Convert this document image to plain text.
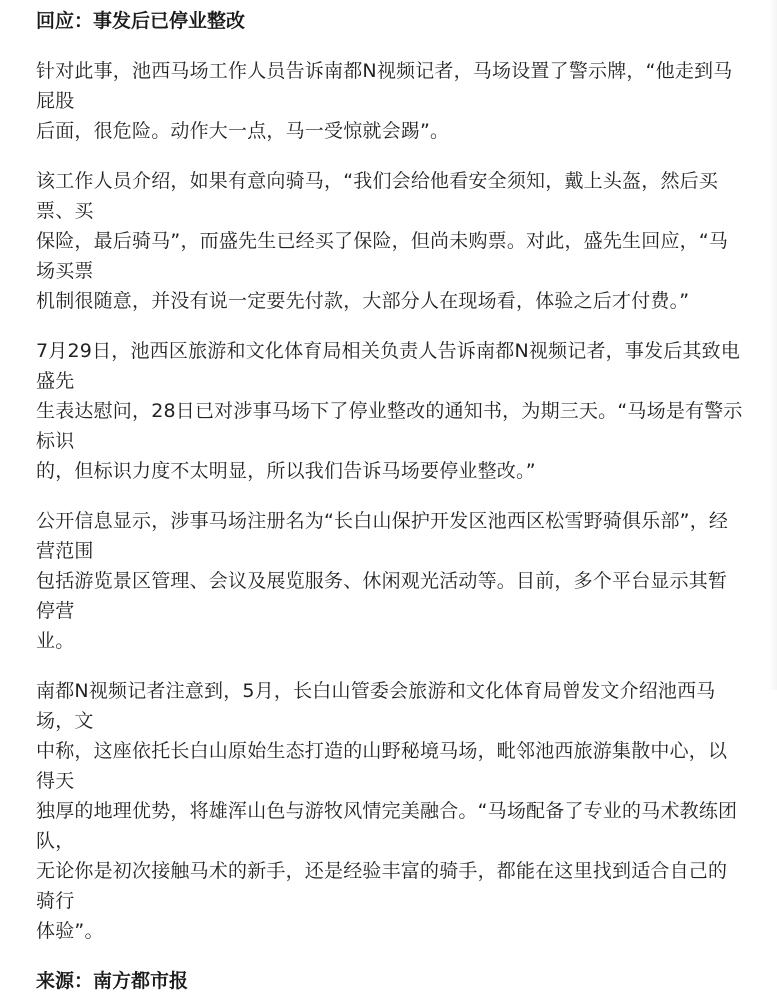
回应：事发后已停业整改

针对此事，池西马场工作人员告诉南都N视频记者，马场设置了警示牌，“他走到马屁股
后面，很危险。动作大一点，马一受惊就会踢”。

该工作人员介绍，如果有意向骑马，“我们会给他看安全须知，戴上头盔，然后买票、买
保险，最后骑马”，而盛先生已经买了保险，但尚未购票。对此，盛先生回应，“马场买票
机制很随意，并没有说一定要先付款，大部分人在现场看，体验之后才付费。”

7月29日，池西区旅游和文化体育局相关负责人告诉南都N视频记者，事发后其致电盛先
生表达慰问，28日已对涉事马场下了停业整改的通知书，为期三天。“马场是有警示标识
的，但标识力度不太明显，所以我们告诉马场要停业整改。”

公开信息显示，涉事马场注册名为“长白山保护开发区池西区松雪野骑俱乐部”，经营范围
包括游览景区管理、会议及展览服务、休闲观光活动等。目前，多个平台显示其暂停营
业。

南都N视频记者注意到，5月，长白山管委会旅游和文化体育局曾发文介绍池西马场，文
中称，这座依托长白山原始生态打造的山野秘境马场，毗邻池西旅游集散中心，以得天
独厚的地理优势，将雄浑山色与游牧风情完美融合。“马场配备了专业的马术教练团队，
无论你是初次接触马术的新手，还是经验丰富的骑手，都能在这里找到适合自己的骑行
体验”。

来源：南方都市报
